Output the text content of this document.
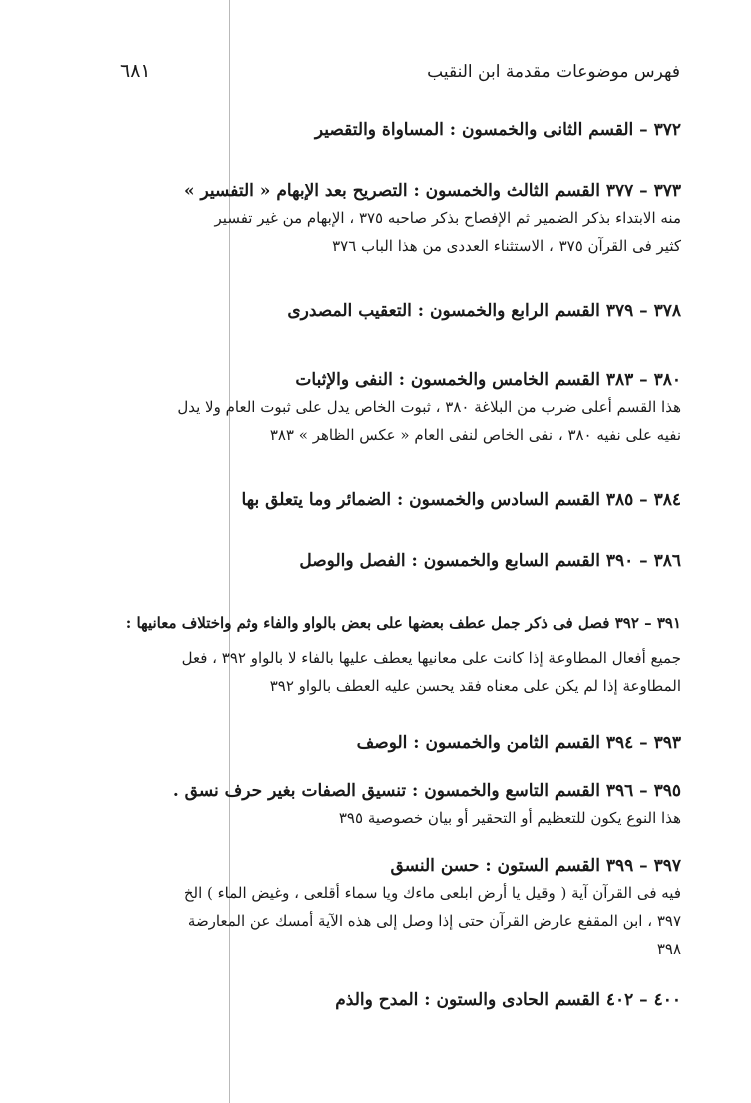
فهرس موضوعات مقدمة ابن النقيب
٦٨١
٣٧٢ – القسم الثانى والخمسون : المساواة والتقصير
٣٧٣ – ٣٧٧ القسم الثالث والخمسون : التصريح بعد الإبهام « التفسير »
منه الابتداء بذكر الضمير ثم الإفصاح بذكر صاحبه ٣٧٥ ، الإبهام من غير تفسير
كثير فى القرآن ٣٧٥ ، الاستثناء العددى من هذا الباب ٣٧٦
٣٧٨ – ٣٧٩ القسم الرابع والخمسون : التعقيب المصدرى
٣٨٠ – ٣٨٣ القسم الخامس والخمسون : النفى والإثبات
هذا القسم أعلى ضرب من البلاغة ٣٨٠ ، ثبوت الخاص يدل على ثبوت العام ولا يدل
نفيه على نفيه ٣٨٠ ، نفى الخاص لنفى العام « عكس الظاهر » ٣٨٣
٣٨٤ – ٣٨٥ القسم السادس والخمسون : الضمائر وما يتعلق بها
٣٨٦ – ٣٩٠ القسم السابع والخمسون : الفصل والوصل
٣٩١ – ٣٩٢ فصل فى ذكر جمل عطف بعضها على بعض بالواو والفاء وثم واختلاف معانيها :
جميع أفعال المطاوعة إذا كانت على معانيها يعطف عليها بالفاء لا بالواو ٣٩٢ ، فعل
المطاوعة إذا لم يكن على معناه فقد يحسن عليه العطف بالواو ٣٩٢
٣٩٣ – ٣٩٤ القسم الثامن والخمسون : الوصف
٣٩٥ – ٣٩٦ القسم التاسع والخمسون : تنسيق الصفات بغير حرف نسق .
هذا النوع يكون للتعظيم أو التحقير أو بيان خصوصية ٣٩٥
٣٩٧ – ٣٩٩ القسم الستون : حسن النسق
فيه فى القرآن آية ( وقيل يا أرض ابلعى ماءك ويا سماء أقلعى ، وغيض الماء ) الخ
٣٩٧ ، ابن المقفع عارض القرآن حتى إذا وصل إلى هذه الآية أمسك عن المعارضة
٣٩٨
٤٠٠ – ٤٠٢ القسم الحادى والستون : المدح والذم
